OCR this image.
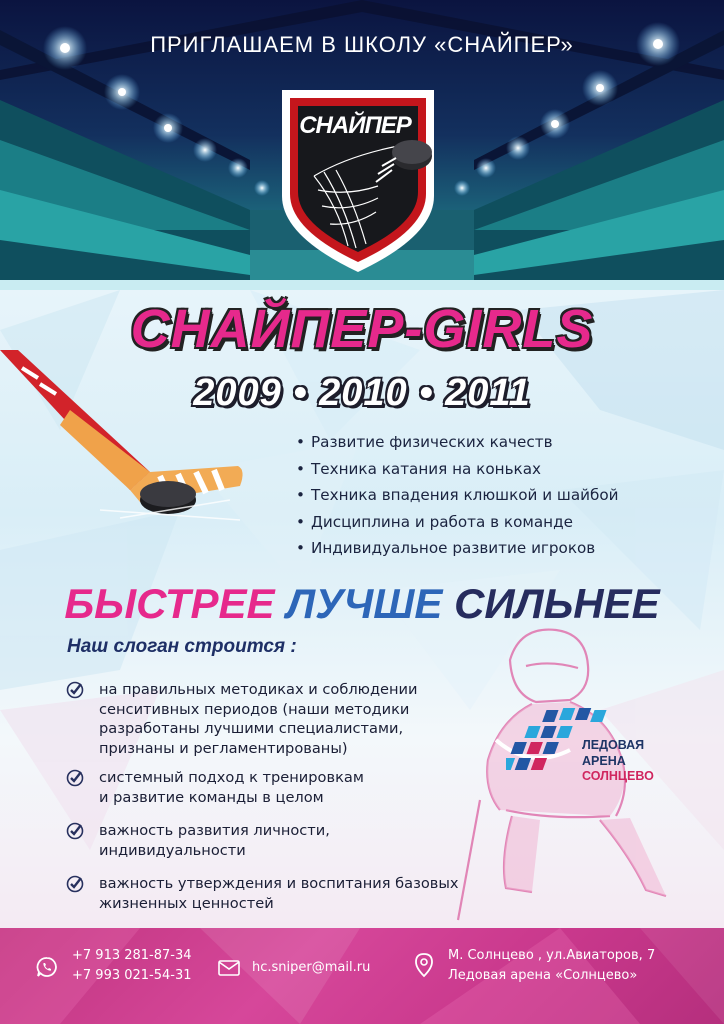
ПРИГЛАШАЕМ В ШКОЛУ «СНАЙПЕР»
СНАЙПЕР
СНАЙПЕР-GIRLS
2009 • 2010 • 2011
• Развитие физических качеств
• Техника катания на коньках
• Техника впадения клюшкой и шайбой
• Дисциплина и работа в команде
• Индивидуальное развитие игроков
БЫСТРЕЕ ЛУЧШЕ СИЛЬНЕЕ
Наш слоган строится :
ЛЕДОВАЯ
АРЕНА
СОЛНЦЕВО

на правильных методиках и соблюдении
сенситивных периодов (наши методики
разработаны лучшими специалистами,
признаны и регламентированы)

системный подход к тренировкам
и развитие команды в целом

важность развития личности,
индивидуальности

важность утверждения и воспитания базовых
жизненных ценностей

+7 913 281-87-34
+7 993 021-54-31
hc.sniper@mail.ru
М. Солнцево , ул.Авиаторов, 7
Ледовая арена «Солнцево»
